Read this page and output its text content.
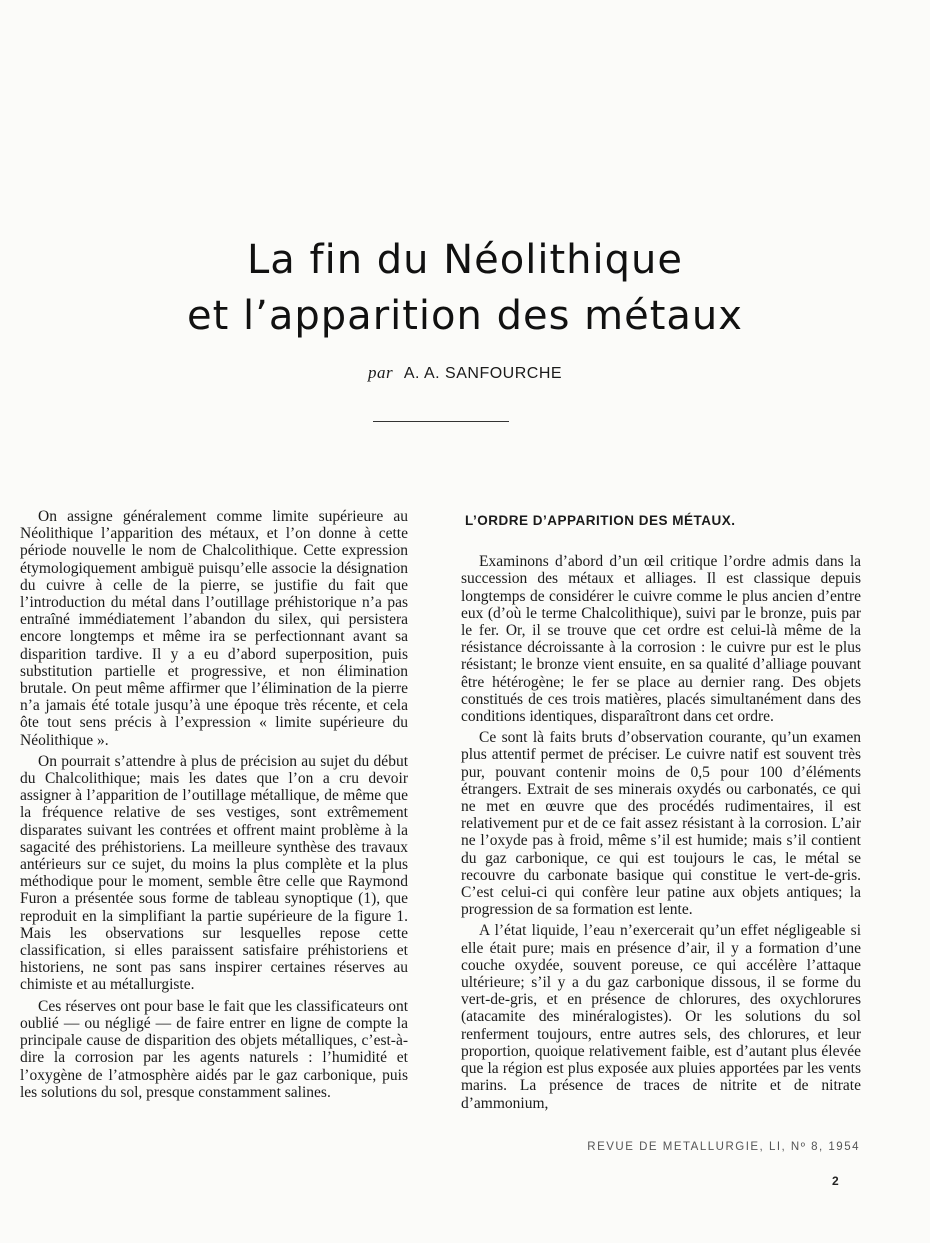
La fin du Néolithique
et l’apparition des métaux
par A. A. SANFOURCHE

On assigne généralement comme limite supérieure au Néolithique l’apparition des métaux, et l’on donne à cette période nouvelle le nom de Chalcolithique. Cette expression étymologiquement ambiguë puisqu’elle associe la désignation du cuivre à celle de la pierre, se justifie du fait que l’introduction du métal dans l’outillage préhistorique n’a pas entraîné immédiatement l’abandon du silex, qui persistera encore longtemps et même ira se perfectionnant avant sa disparition tardive. Il y a eu d’abord superposition, puis substitution partielle et progressive, et non élimination brutale. On peut même affirmer que l’élimination de la pierre n’a jamais été totale jusqu’à une époque très récente, et cela ôte tout sens précis à l’expression « limite supérieure du Néolithique ».

On pourrait s’attendre à plus de précision au sujet du début du Chalcolithique; mais les dates que l’on a cru devoir assigner à l’apparition de l’outillage métallique, de même que la fréquence relative de ses vestiges, sont extrêmement disparates suivant les contrées et offrent maint problème à la sagacité des préhistoriens. La meilleure synthèse des travaux antérieurs sur ce sujet, du moins la plus complète et la plus méthodique pour le moment, semble être celle que Raymond Furon a présentée sous forme de tableau synoptique (1), que reproduit en la simplifiant la partie supérieure de la figure 1. Mais les observations sur lesquelles repose cette classification, si elles paraissent satisfaire préhistoriens et historiens, ne sont pas sans inspirer certaines réserves au chimiste et au métallurgiste.

Ces réserves ont pour base le fait que les classificateurs ont oublié — ou négligé — de faire entrer en ligne de compte la principale cause de disparition des objets métalliques, c’est-à-dire la corrosion par les agents naturels : l’humidité et l’oxygène de l’atmosphère aidés par le gaz carbonique, puis les solutions du sol, presque constamment salines.

L’ORDRE D’APPARITION DES MÉTAUX.

Examinons d’abord d’un œil critique l’ordre admis dans la succession des métaux et alliages. Il est classique depuis longtemps de considérer le cuivre comme le plus ancien d’entre eux (d’où le terme Chalcolithique), suivi par le bronze, puis par le fer. Or, il se trouve que cet ordre est celui-là même de la résistance décroissante à la corrosion : le cuivre pur est le plus résistant; le bronze vient ensuite, en sa qualité d’alliage pouvant être hétérogène; le fer se place au dernier rang. Des objets constitués de ces trois matières, placés simultanément dans des conditions identiques, disparaîtront dans cet ordre.

Ce sont là faits bruts d’observation courante, qu’un examen plus attentif permet de préciser. Le cuivre natif est souvent très pur, pouvant contenir moins de 0,5 pour 100 d’éléments étrangers. Extrait de ses minerais oxydés ou carbonatés, ce qui ne met en œuvre que des procédés rudimentaires, il est relativement pur et de ce fait assez résistant à la corrosion. L’air ne l’oxyde pas à froid, même s’il est humide; mais s’il contient du gaz carbonique, ce qui est toujours le cas, le métal se recouvre du carbonate basique qui constitue le vert-de-gris. C’est celui-ci qui confère leur patine aux objets antiques; la progression de sa formation est lente.

A l’état liquide, l’eau n’exercerait qu’un effet négligeable si elle était pure; mais en présence d’air, il y a formation d’une couche oxydée, souvent poreuse, ce qui accélère l’attaque ultérieure; s’il y a du gaz carbonique dissous, il se forme du vert-de-gris, et en présence de chlorures, des oxychlorures (atacamite des minéralogistes). Or les solutions du sol renferment toujours, entre autres sels, des chlorures, et leur proportion, quoique relativement faible, est d’autant plus élevée que la région est plus exposée aux pluies apportées par les vents marins. La présence de traces de nitrite et de nitrate d’ammonium,

REVUE DE METALLURGIE, LI, Nº 8, 1954
2
